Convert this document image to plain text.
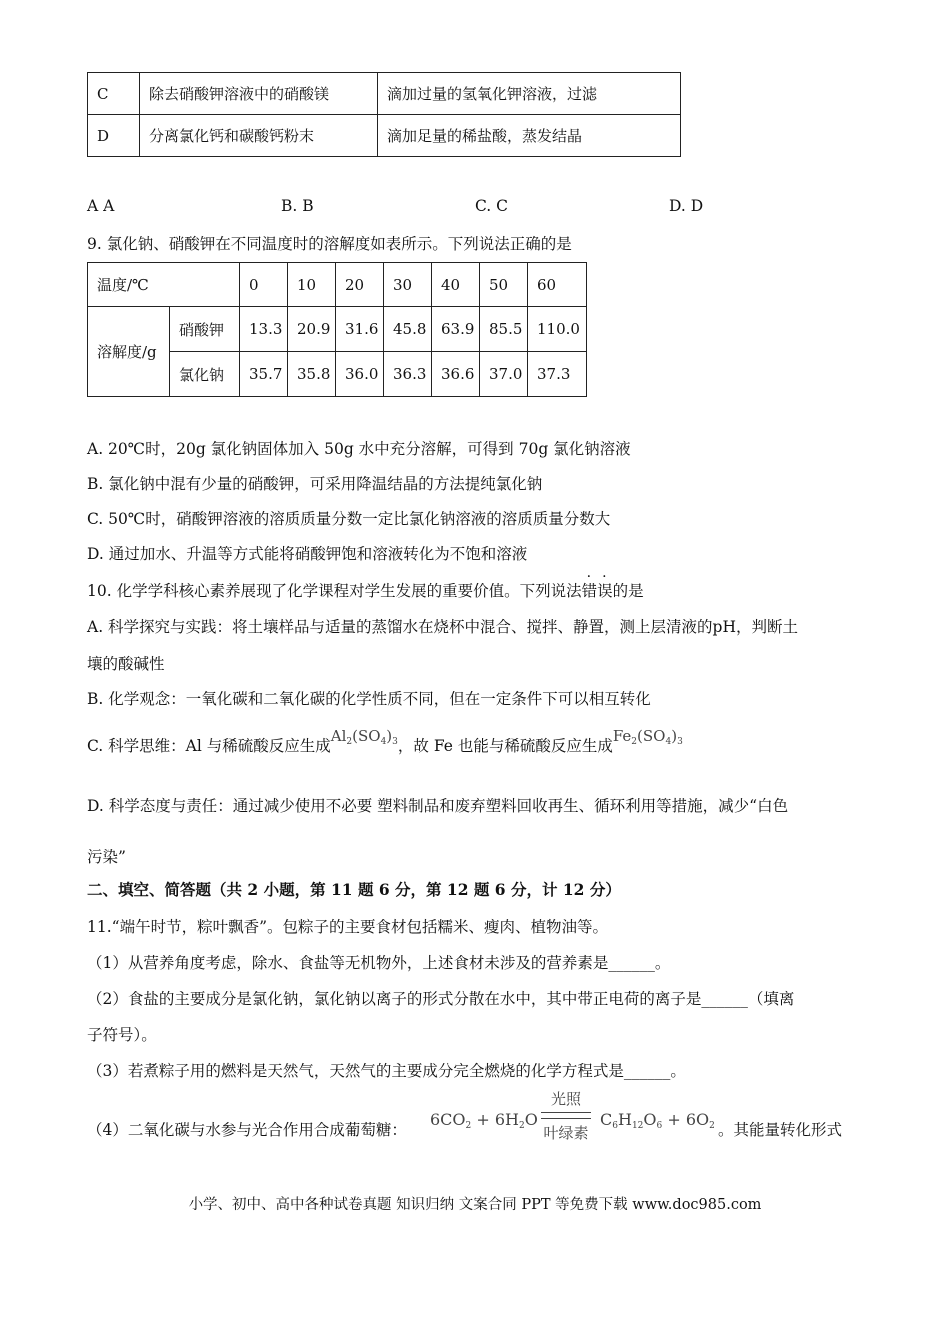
C	除去硝酸钾溶液中的硝酸镁	滴加过量的氢氧化钾溶液，过滤
D	分离氯化钙和碳酸钙粉末	滴加足量的稀盐酸，蒸发结晶
A A	B. B	C. C	D. D
9. 氯化钠、硝酸钾在不同温度时的溶解度如表所示。下列说法正确的是
温度/℃		0	10	20	30	40	50	60
溶解度/g	硝酸钾	13.3	20.9	31.6	45.8	63.9	85.5	110.0
	氯化钠	35.7	35.8	36.0	36.3	36.6	37.0	37.3
A. 20℃时，20g 氯化钠固体加入 50g 水中充分溶解，可得到 70g 氯化钠溶液
B. 氯化钠中混有少量的硝酸钾，可采用降温结晶的方法提纯氯化钠
C. 50℃时，硝酸钾溶液的溶质质量分数一定比氯化钠溶液的溶质质量分数大
D. 通过加水、升温等方式能将硝酸钾饱和溶液转化为不饱和溶液
10. 化学学科核心素养展现了化学课程对学生发展的重要价值。下列说法错误的是
A. 科学探究与实践：将土壤样品与适量的蒸馏水在烧杯中混合、搅拌、静置，测上层清液的pH，判断土
壤的酸碱性
B. 化学观念：一氧化碳和二氧化碳的化学性质不同，但在一定条件下可以相互转化
C. 科学思维：Al 与稀硫酸反应生成$Al_2(SO_4)_3$，故 Fe 也能与稀硫酸反应生成$Fe_2(SO_4)_3$
D. 科学态度与责任：通过减少使用不必要 塑料制品和废弃塑料回收再生、循环利用等措施，减少“白色
污染”
二、填空、简答题（共 2 小题，第 11 题 6 分，第 12 题 6 分，计 12 分）
11.“端午时节，粽叶飘香”。包粽子的主要食材包括糯米、瘦肉、植物油等。
（1）从营养角度考虑，除水、食盐等无机物外，上述食材未涉及的营养素是______。
（2）食盐的主要成分是氯化钠，氯化钠以离子的形式分散在水中，其中带正电荷的离子是______（填离
子符号）。
（3）若煮粽子用的燃料是天然气，天然气的主要成分完全燃烧的化学方程式是______。
（4）二氧化碳与水参与光合作用合成葡萄糖：
$6CO_2 + 6H_2O$
光照
叶绿素
$C_6H_{12}O_6 + 6O_2$ 。其能量转化形式
小学、初中、高中各种试卷真题 知识归纳 文案合同 PPT 等免费下载 www.doc985.com
